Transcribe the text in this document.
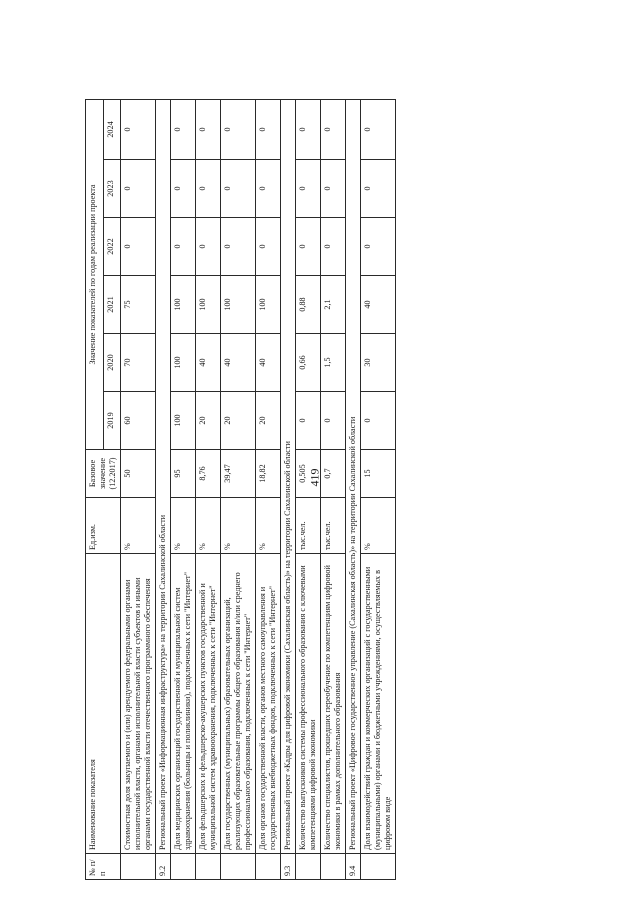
№ п/п	Наименование показателя	Ед.изм.	Базовое значение (12.2017)	Значение показателей по годам реализации проекта					
				2019	2020	2021	2022	2023	2024
	Стоимостная доля закупаемого и (или) арендуемого федеральными органами исполнительной власти, органами исполнительной власти субъектов и иными органами государственной власти отечественного программного обеспечения	%	50	60	70	75	0	0	0
9.2	Региональный проект «Информационная инфраструктура» на территории Сахалинской области								
	Доля медицинских организаций государственной и муниципальной систем здравоохранения (больницы и поликлиники), подключенных к сети "Интернет"	%	95	100	100	100	0	0	0
	Доля фельдшерских и фельдшерско-акушерских пунктов государственной и муниципальной систем здравоохранения, подключенных к сети "Интернет"	%	8,76	20	40	100	0	0	0
	Доля государственных (муниципальных) образовательных организаций, реализующих образовательные программы общего образования и/или среднего профессионального образования, подключенных к сети "Интернет"	%	39,47	20	40	100	0	0	0
	Доля органов государственной власти, органов местного самоуправления и государственных внебюджетных фондов, подключенных к сети "Интернет"	%	18,82	20	40	100	0	0	0
9.3	Региональный проект «Кадры для цифровой экономики (Сахалинская область)» на территории Сахалинской области								
	Количество выпускников системы профессионального образования с ключевыми компетенциями цифровой экономики	тыс.чел.	0,505	0	0,66	0,88	0	0	0
	Количество специалистов, прошедших переобучение по компетенциям цифровой экономики в рамках дополнительного образования	тыс.чел.	0,7	0	1,5	2,1	0	0	0
9.4	Региональный проект «Цифровое государственное управление (Сахалинская область)» на территории Сахалинской области								
	Доля взаимодействий граждан и коммерческих организаций с государственными (муниципальными) органами и бюджетными учреждениями, осуществляемых в цифровом виде	%	15	0	30	40	0	0	0
419
